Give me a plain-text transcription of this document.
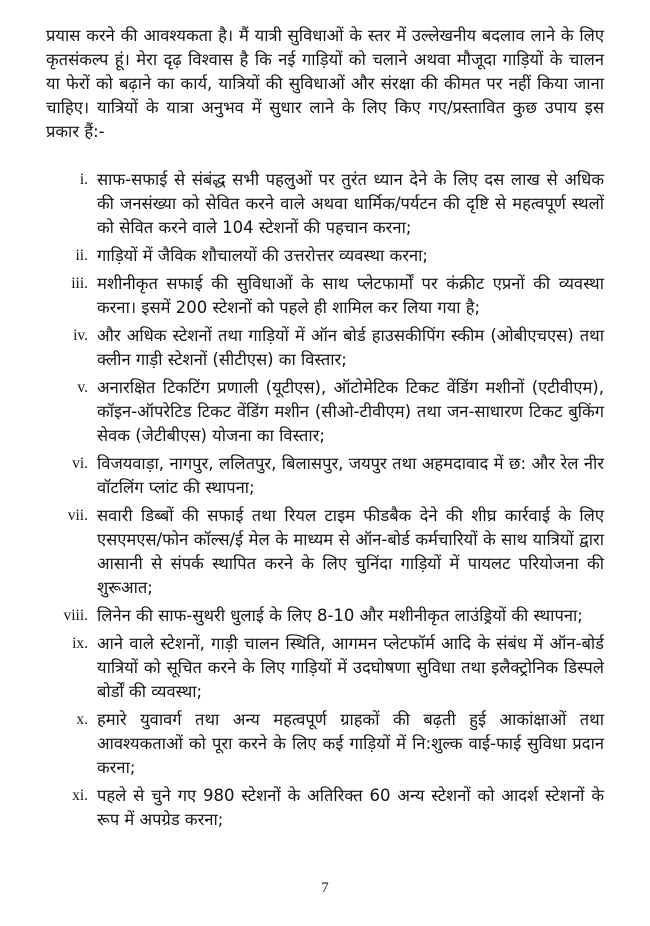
प्रयास करने की आवश्यकता है। मैं यात्री सुविधाओं के स्तर में उल्लेखनीय बदलाव लाने के लिए कृतसंकल्प हूं। मेरा दृढ़ विश्वास है कि नई गाड़ियों को चलाने अथवा मौजूदा गाड़ियों के चालन या फेरों को बढ़ाने का कार्य, यात्रियों की सुविधाओं और संरक्षा की कीमत पर नहीं किया जाना चाहिए। यात्रियों के यात्रा अनुभव में सुधार लाने के लिए किए गए/प्रस्तावित कुछ उपाय इस प्रकार हैं:-

i. साफ-सफाई से संबंद्ध सभी पहलुओं पर तुरंत ध्यान देने के लिए दस लाख से अधिक की जनसंख्या को सेवित करने वाले अथवा धार्मिक/पर्यटन की दृष्टि से महत्वपूर्ण स्थलों को सेवित करने वाले 104 स्टेशनों की पहचान करना;
ii. गाड़ियों में जैविक शौचालयों की उत्तरोत्तर व्यवस्था करना;
iii. मशीनीकृत सफाई की सुविधाओं के साथ प्लेटफार्मों पर कंक्रीट एप्रनों की व्यवस्था करना। इसमें 200 स्टेशनों को पहले ही शामिल कर लिया गया है;
iv. और अधिक स्टेशनों तथा गाड़ियों में ऑन बोर्ड हाउसकीपिंग स्कीम (ओबीएचएस) तथा क्लीन गाड़ी स्टेशनों (सीटीएस) का विस्तार;
v. अनारक्षित टिकटिंग प्रणाली (यूटीएस), ऑटोमेटिक टिकट वेंडिंग मशीनों (एटीवीएम), कॉइन-ऑपरेटिड टिकट वेंडिंग मशीन (सीओ-टीवीएम) तथा जन-साधारण टिकट बुकिंग सेवक (जेटीबीएस) योजना का विस्तार;
vi. विजयवाड़ा, नागपुर, ललितपुर, बिलासपुर, जयपुर तथा अहमदावाद में छ: और रेल नीर वॉटलिंग प्लांट की स्थापना;
vii. सवारी डिब्बों की सफाई तथा रियल टाइम फीडबैक देने की शीघ्र कार्रवाई के लिए एसएमएस/फोन कॉल्स/ई मेल के माध्यम से ऑन-बोर्ड कर्मचारियों के साथ यात्रियों द्वारा आसानी से संपर्क स्थापित करने के लिए चुनिंदा गाड़ियों में पायलट परियोजना की शुरूआत;
viii. लिनेन की साफ-सुथरी धुलाई के लिए 8-10 और मशीनीकृत लाउंड्रियों की स्थापना;
ix. आने वाले स्टेशनों, गाड़ी चालन स्थिति, आगमन प्लेटफॉर्म आदि के संबंध में ऑन-बोर्ड यात्रियों को सूचित करने के लिए गाड़ियों में उदघोषणा सुविधा तथा इलैक्ट्रोनिक डिस्पले बोर्डों की व्यवस्था;
x. हमारे युवावर्ग तथा अन्य महत्वपूर्ण ग्राहकों की बढ़ती हुई आकांक्षाओं तथा आवश्यकताओं को पूरा करने के लिए कई गाड़ियों में नि:शुल्क वाई-फाई सुविधा प्रदान करना;
xi. पहले से चुने गए 980 स्टेशनों के अतिरिक्त 60 अन्य स्टेशनों को आदर्श स्टेशनों के रूप में अपग्रेड करना;
7
